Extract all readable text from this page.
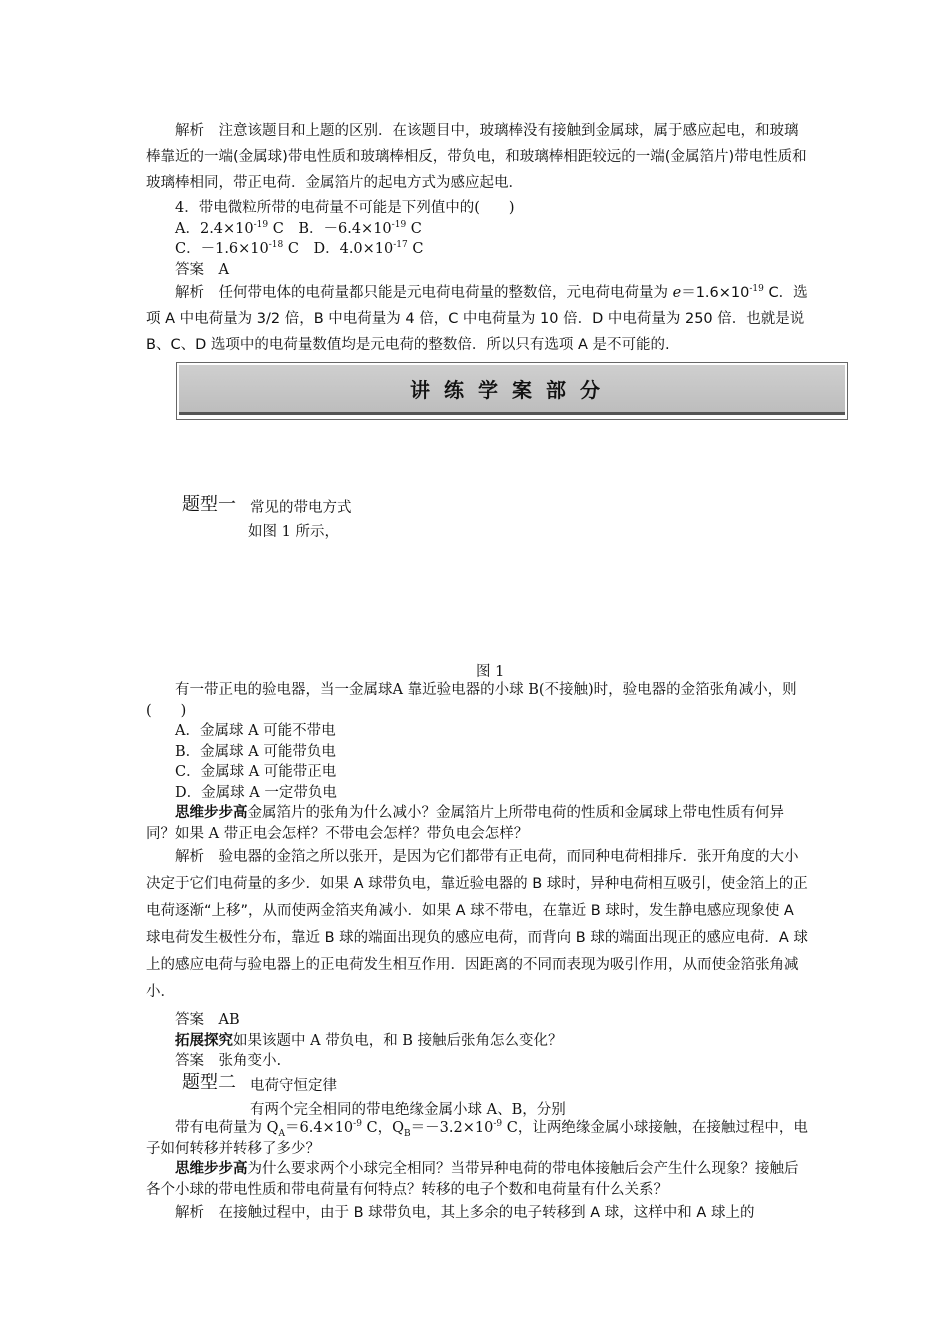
解析　 注意该题目和上题的区别．在该题目中，玻璃棒没有接触到金属球，属于感应起电，和玻璃棒靠近的一端(金属球)带电性质和玻璃棒相反，带负电，和玻璃棒相距较远的一端(金属箔片)带电性质和玻璃棒相同，带正电荷．金属箔片的起电方式为感应起电．

4．带电微粒所带的电荷量不可能是下列值中的(　　)

A．$2.4\times 10^{-19}$ C　B．$-6.4\times 10^{-19}$ C

C．$-1.6\times 10^{-18}$ C　D．$4.0\times 10^{-17}$ C

答案　 A

解析　 任何带电体的电荷量都只能是元电荷电荷量的整数倍，元电荷电荷量为 $e=1.6\times 10^{-19}$ C．选项 A 中电荷量为 3/2 倍，B 中电荷量为 4 倍，C 中电荷量为 10 倍．D 中电荷量为 250 倍．也就是说 B、C、D 选项中的电荷量数值均是元电荷的整数倍．所以只有选项 A 是不可能的.

讲练学案部分
题型一 常见的带电方式
如图 1 所示，
图 1

有一带正电的验电器，当一金属球A 靠近验电器的小球 B(不接触)时，验电器的金箔张角减小，则(　　)

A．金属球 A 可能不带电

B．金属球 A 可能带负电

C．金属球 A 可能带正电

D．金属球 A 一定带负电

思维步步高金属箔片的张角为什么减小？金属箔片上所带电荷的性质和金属球上带电性质有何异同？如果 A 带正电会怎样？不带电会怎样？带负电会怎样？

解析　 验电器的金箔之所以张开，是因为它们都带有正电荷，而同种电荷相排斥．张开角度的大小决定于它们电荷量的多少．如果 A 球带负电，靠近验电器的 B 球时，异种电荷相互吸引，使金箔上的正电荷逐渐“上移”，从而使两金箔夹角减小．如果 A 球不带电，在靠近 B 球时，发生静电感应现象使 A 球电荷发生极性分布，靠近 B 球的端面出现负的感应电荷，而背向 B 球的端面出现正的感应电荷．A 球上的感应电荷与验电器上的正电荷发生相互作用．因距离的不同而表现为吸引作用，从而使金箔张角减小．

答案　 AB

拓展探究如果该题中 A 带负电，和 B 接触后张角怎么变化？

答案　 张角变小.

题型二 电荷守恒定律
有两个完全相同的带电绝缘金属小球 A、B，分别

带有电荷量为 $Q_A=6.4\times 10^{-9}$ C，$Q_B=-3.2\times 10^{-9}$ C，让两绝缘金属小球接触，在接触过程中，电子如何转移并转移了多少？

思维步步高为什么要求两个小球完全相同？当带异种电荷的带电体接触后会产生什么现象？接触后各个小球的带电性质和带电荷量有何特点？转移的电子个数和电荷量有什么关系？

解析　 在接触过程中，由于 B 球带负电，其上多余的电子转移到 A 球，这样中和 A 球上的
